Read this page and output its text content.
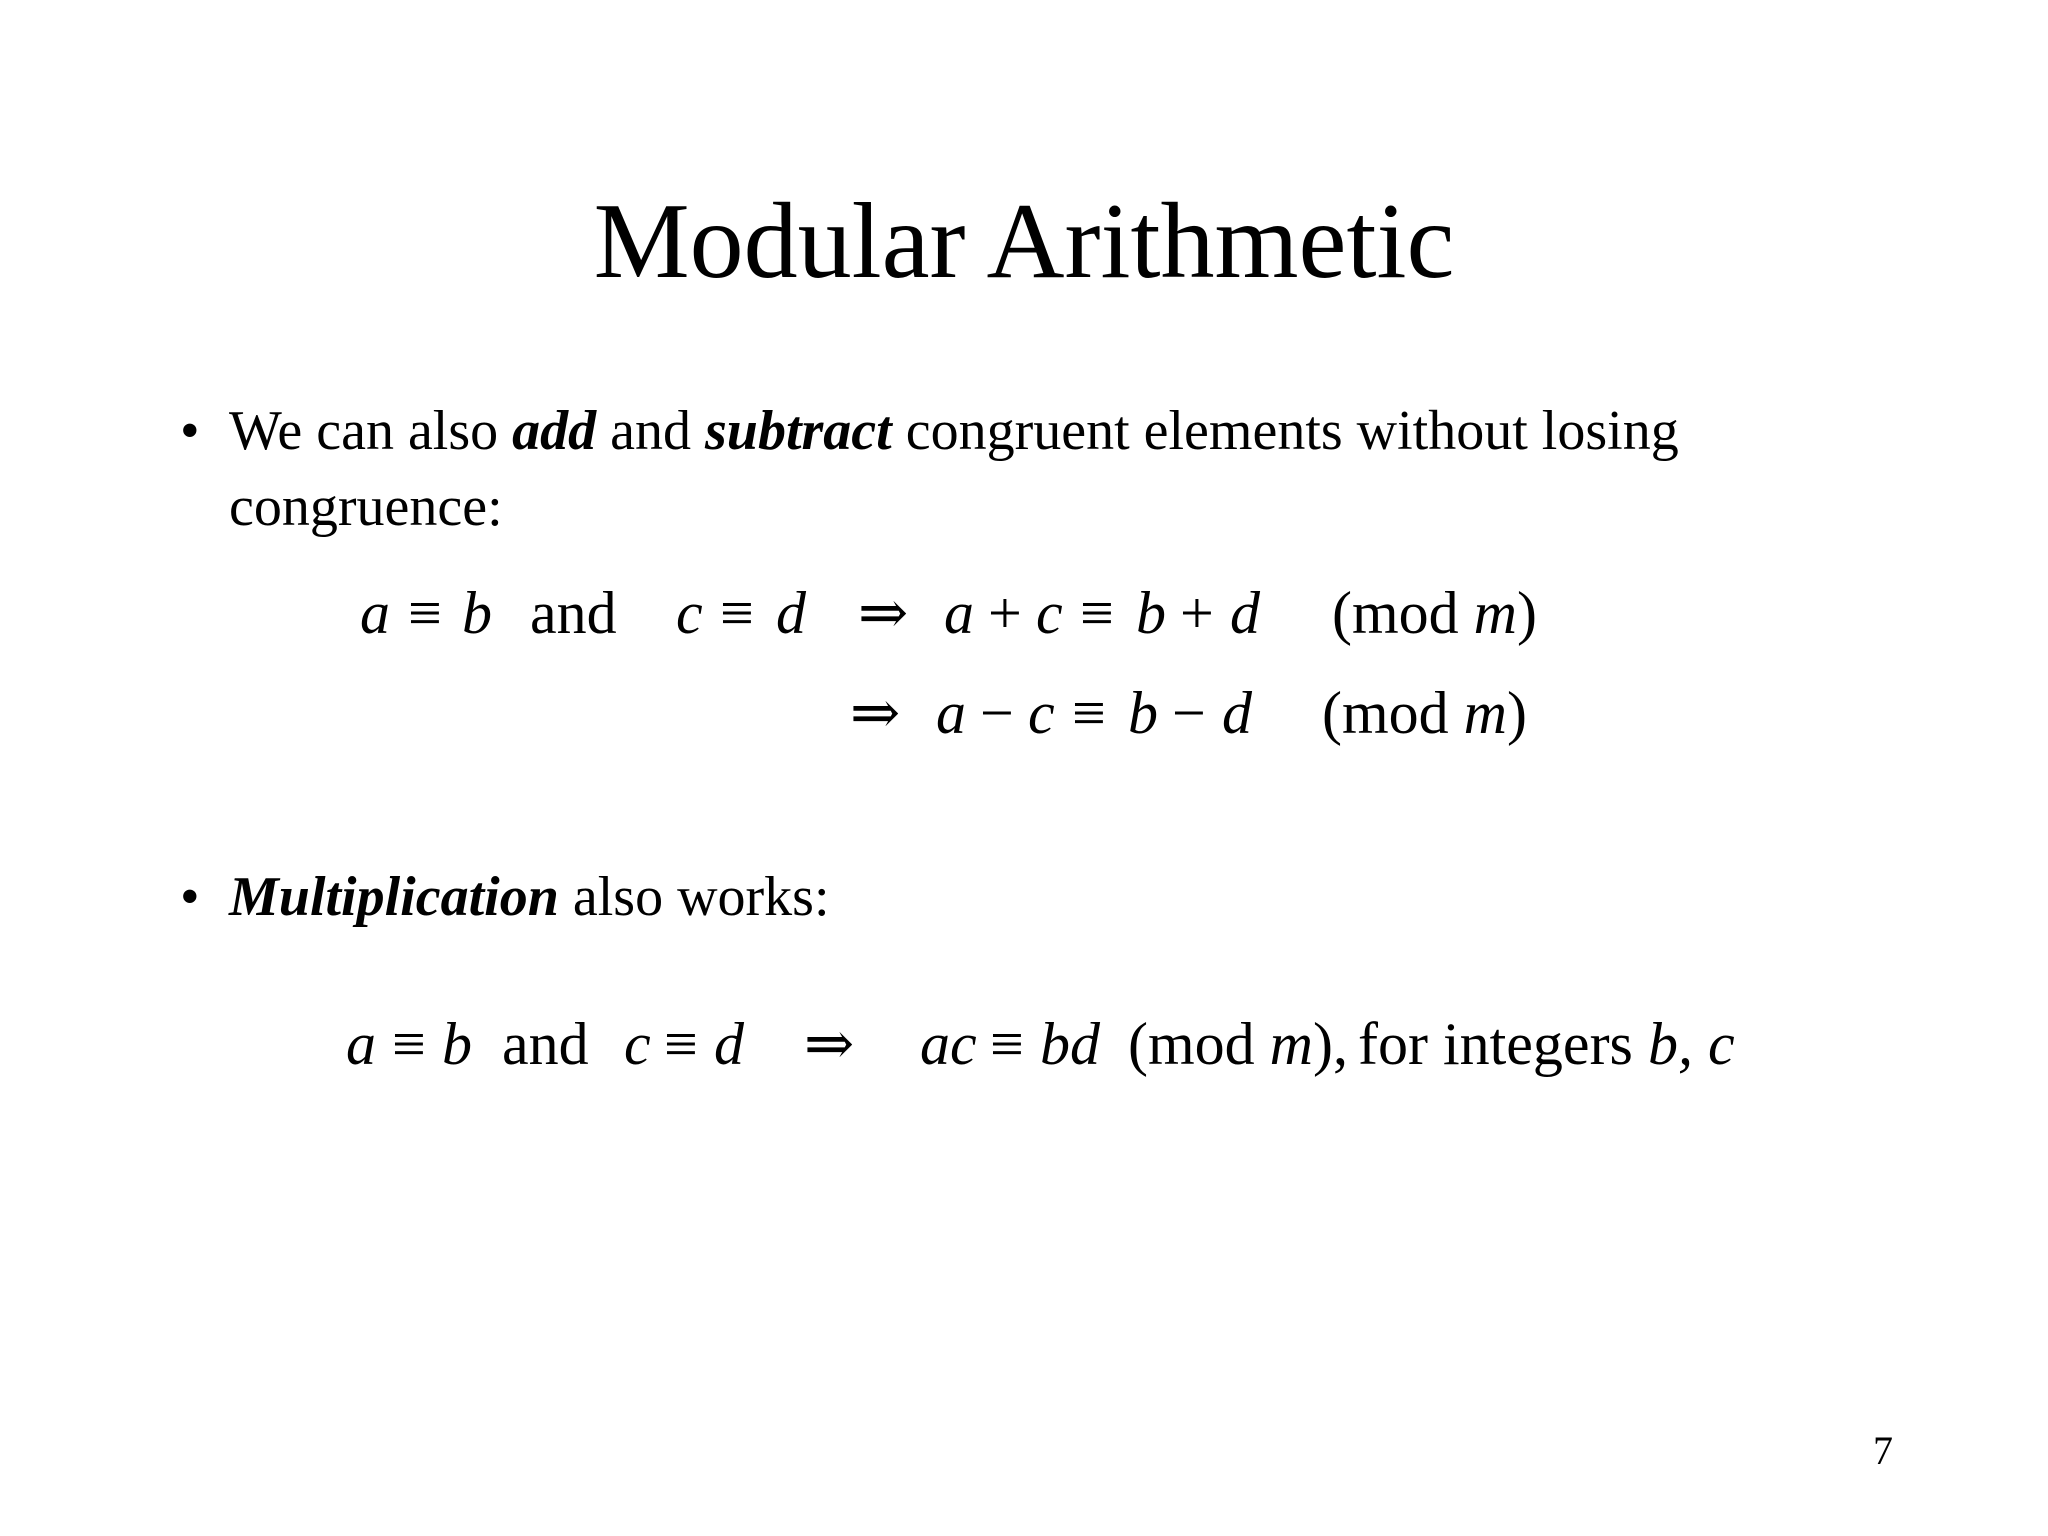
Modular Arithmetic
• We can also add and subtract congruent elements without losing
congruence:
a ≡ b and c ≡ d ⇒ a + c ≡ b + d (mod m)
⇒ a − c ≡ b − d (mod m)
• Multiplication also works:
a ≡ b and c ≡ d ⇒ ac ≡ bd (mod m), for integers b, c
7
